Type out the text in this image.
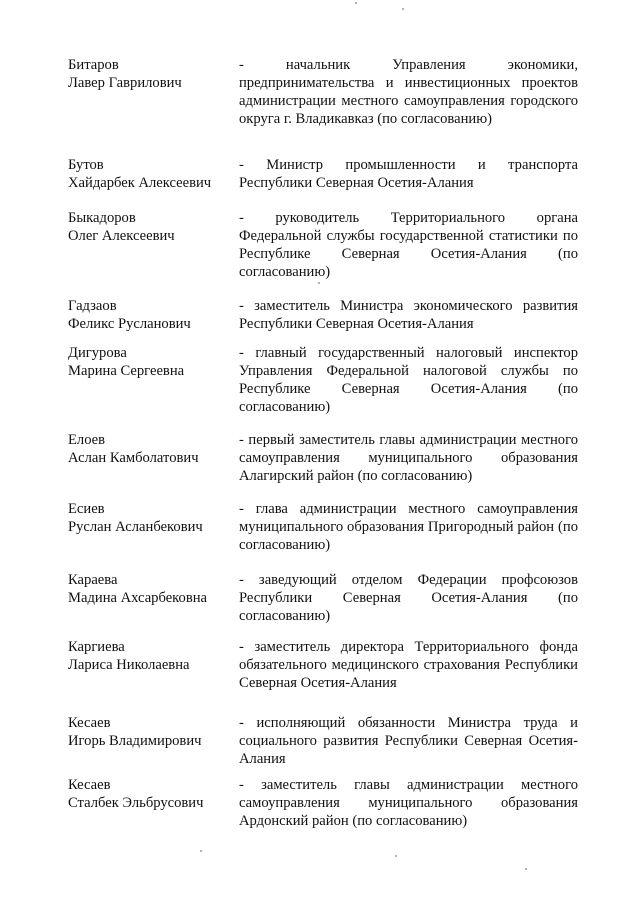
Битаров
Лавер Гаврилович
- начальник Управления экономики, предпринимательства и инвестиционных проектов администрации местного самоуправления городского округа г. Владикавказ (по согласованию)
Бутов
Хайдарбек Алексеевич
- Министр промышленности и транспорта Республики Северная Осетия-Алания
Быкадоров
Олег Алексеевич
- руководитель Территориального органа Федеральной службы государственной статистики по Республике Северная Осетия-Алания (по согласованию)
Гадзаов
Феликс Русланович
- заместитель Министра экономического развития Республики Северная Осетия-Алания
Дигурова
Марина Сергеевна
- главный государственный налоговый инспектор Управления Федеральной налоговой службы по Республике Северная Осетия-Алания (по согласованию)
Елоев
Аслан Камболатович
- первый заместитель главы администрации местного самоуправления муниципального образования Алагирский район (по согласованию)
Есиев
Руслан Асланбекович
- глава администрации местного самоуправления муниципального образования Пригородный район (по согласованию)
Караева
Мадина Ахсарбековна
- заведующий отделом Федерации профсоюзов Республики Северная Осетия-Алания (по согласованию)
Каргиева
Лариса Николаевна
- заместитель директора Территориального фонда обязательного медицинского страхования Республики Северная Осетия-Алания
Кесаев
Игорь Владимирович
- исполняющий обязанности Министра труда и социального развития Республики Северная Осетия-Алания
Кесаев
Сталбек Эльбрусович
- заместитель главы администрации местного самоуправления муниципального образования Ардонский район (по согласованию)
